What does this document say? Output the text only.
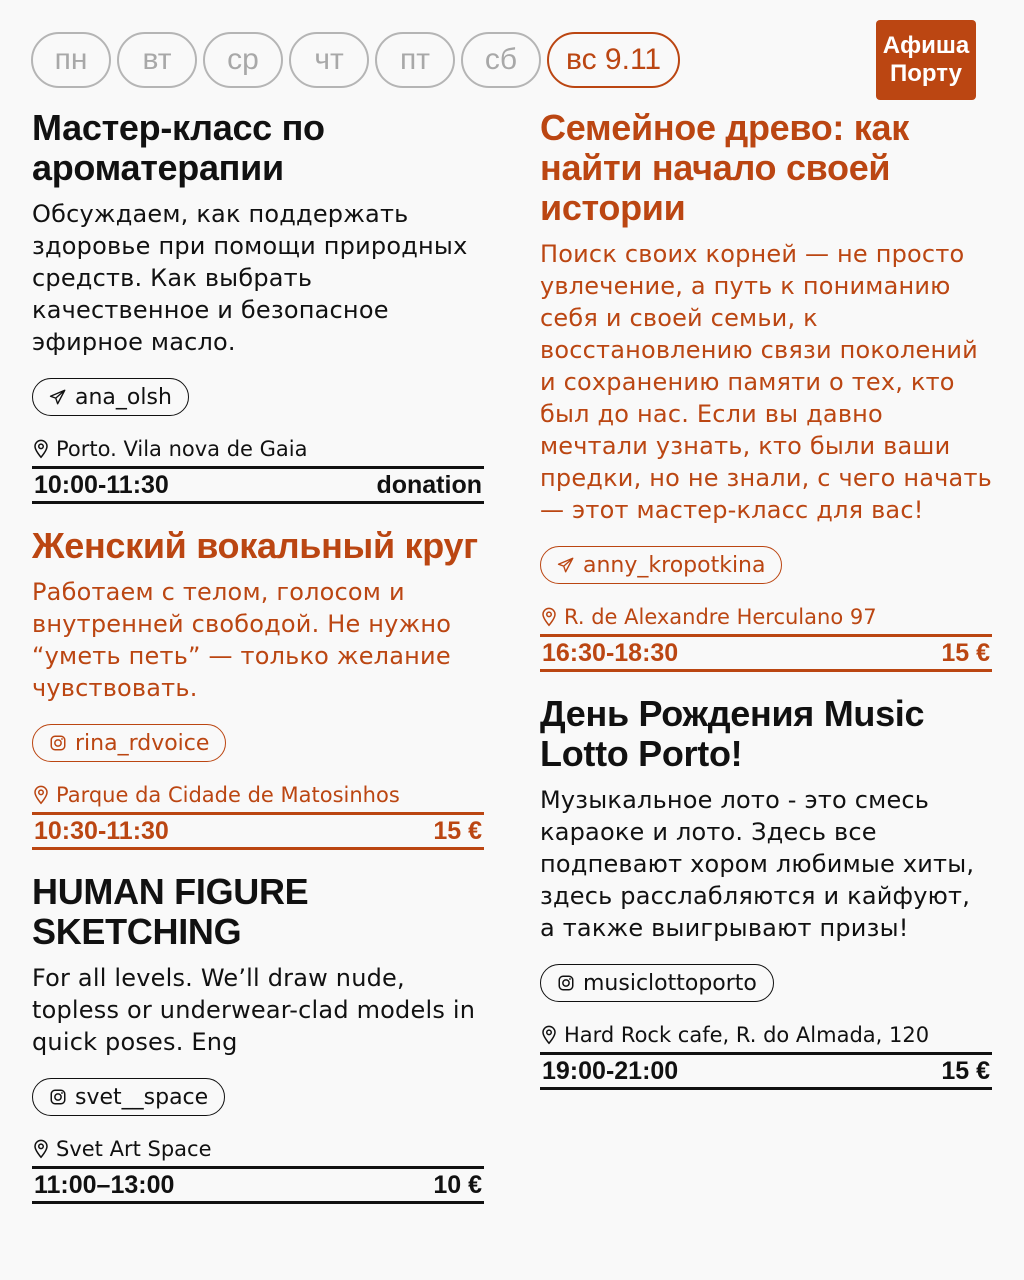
пн	вт	ср	чт	пт	сб	вс 9.11	Афиша
Порту
Мастер-класс по ароматерапии
Обсуждаем, как поддержать здоровье при помощи природных средств. Как выбрать качественное и безопасное эфирное масло.
ana_olsh
Porto. Vila nova de Gaia
10:00-11:30	donation
Женский вокальный круг
Работаем с телом, голосом и внутренней свободой. Не нужно “уметь петь” — только желание чувствовать.
rina_rdvoice
Parque da Cidade de Matosinhos
10:30-11:30	15 €
HUMAN FIGURE SKETCHING
For all levels. We’ll draw nude, topless or underwear-clad models in quick poses. Eng
svet__space
Svet Art Space
11:00–13:00	10 €
Семейное древо: как найти начало своей истории
Поиск своих корней — не просто увлечение, а путь к пониманию себя и своей семьи, к восстановлению связи поколений и сохранению памяти о тех, кто был до нас. Если вы давно мечтали узнать, кто были ваши предки, но не знали, с чего начать — этот мастер-класс для вас!
anny_kropotkina
R. de Alexandre Herculano 97
16:30-18:30	15 €
День Рождения Music Lotto Porto!
Музыкальное лото - это смесь караоке и лото. Здесь все подпевают хором любимые хиты, здесь расслабляются и кайфуют, а также выигрывают призы!
musiclottoporto
Hard Rock cafe, R. do Almada, 120
19:00-21:00	15 €
